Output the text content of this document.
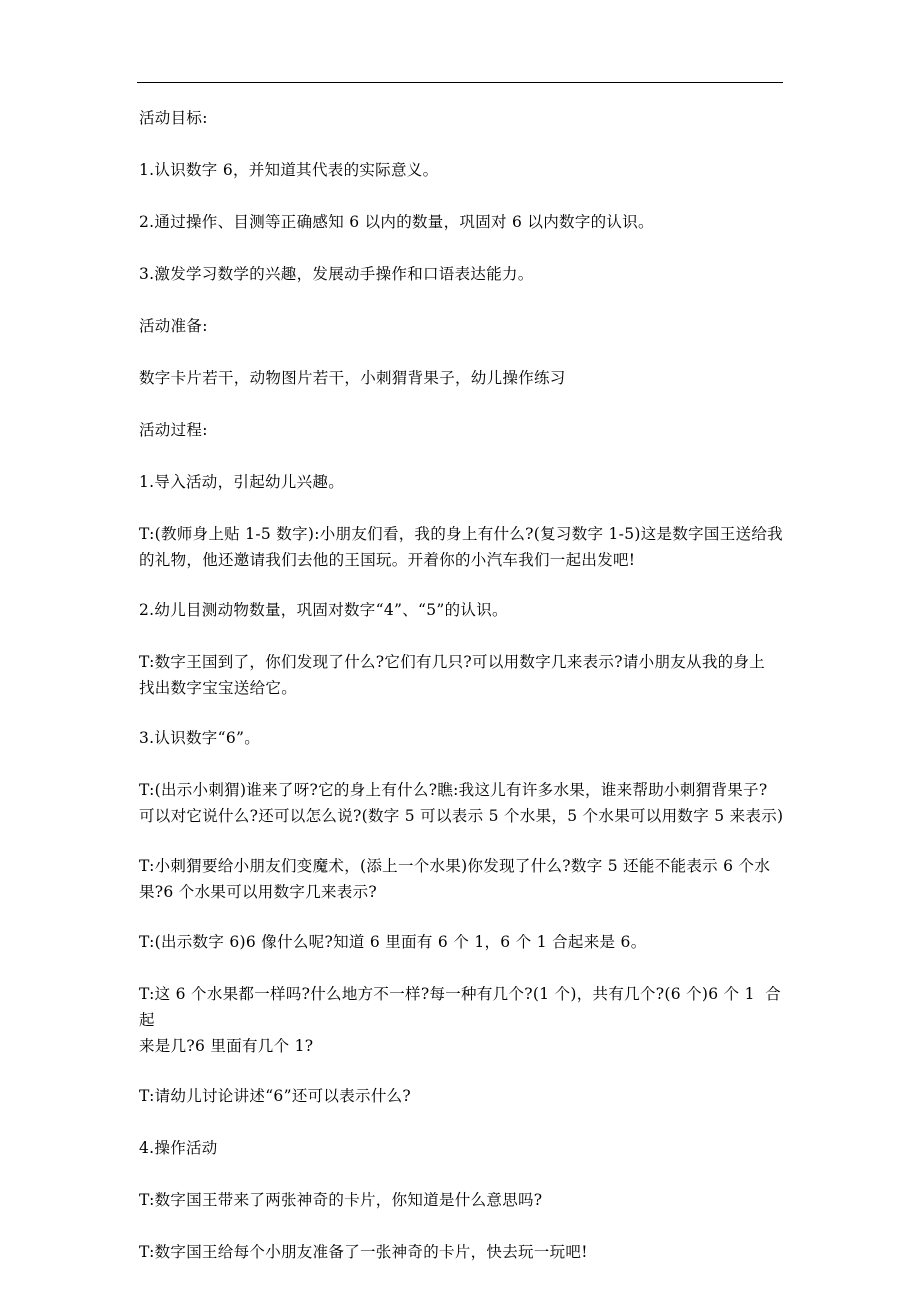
活动目标:

1.认识数字 6，并知道其代表的实际意义。

2.通过操作、目测等正确感知 6 以内的数量，巩固对 6 以内数字的认识。

3.激发学习数学的兴趣，发展动手操作和口语表达能力。

活动准备:

数字卡片若干，动物图片若干，小刺猬背果子，幼儿操作练习

活动过程:

1.导入活动，引起幼儿兴趣。

T:(教师身上贴 1-5 数字):小朋友们看，我的身上有什么?(复习数字 1-5)这是数字国王送给我
的礼物，他还邀请我们去他的王国玩。开着你的小汽车我们一起出发吧!

2.幼儿目测动物数量，巩固对数字“4”、“5”的认识。

T:数字王国到了，你们发现了什么?它们有几只?可以用数字几来表示?请小朋友从我的身上
找出数字宝宝送给它。

3.认识数字“6”。

T:(出示小刺猬)谁来了呀?它的身上有什么?瞧:我这儿有许多水果，谁来帮助小刺猬背果子?
可以对它说什么?还可以怎么说?(数字 5 可以表示 5 个水果，5 个水果可以用数字 5 来表示)

T:小刺猬要给小朋友们变魔术，(添上一个水果)你发现了什么?数字 5 还能不能表示 6 个水
果?6 个水果可以用数字几来表示?

T:(出示数字 6)6 像什么呢?知道 6 里面有 6 个 1，6 个 1 合起来是 6。

T:这 6 个水果都一样吗?什么地方不一样?每一种有几个?(1 个)，共有几个?(6 个)6 个 1  合起
来是几?6 里面有几个 1?

T:请幼儿讨论讲述“6”还可以表示什么?

4.操作活动

T:数字国王带来了两张神奇的卡片，你知道是什么意思吗?

T:数字国王给每个小朋友准备了一张神奇的卡片，快去玩一玩吧!
